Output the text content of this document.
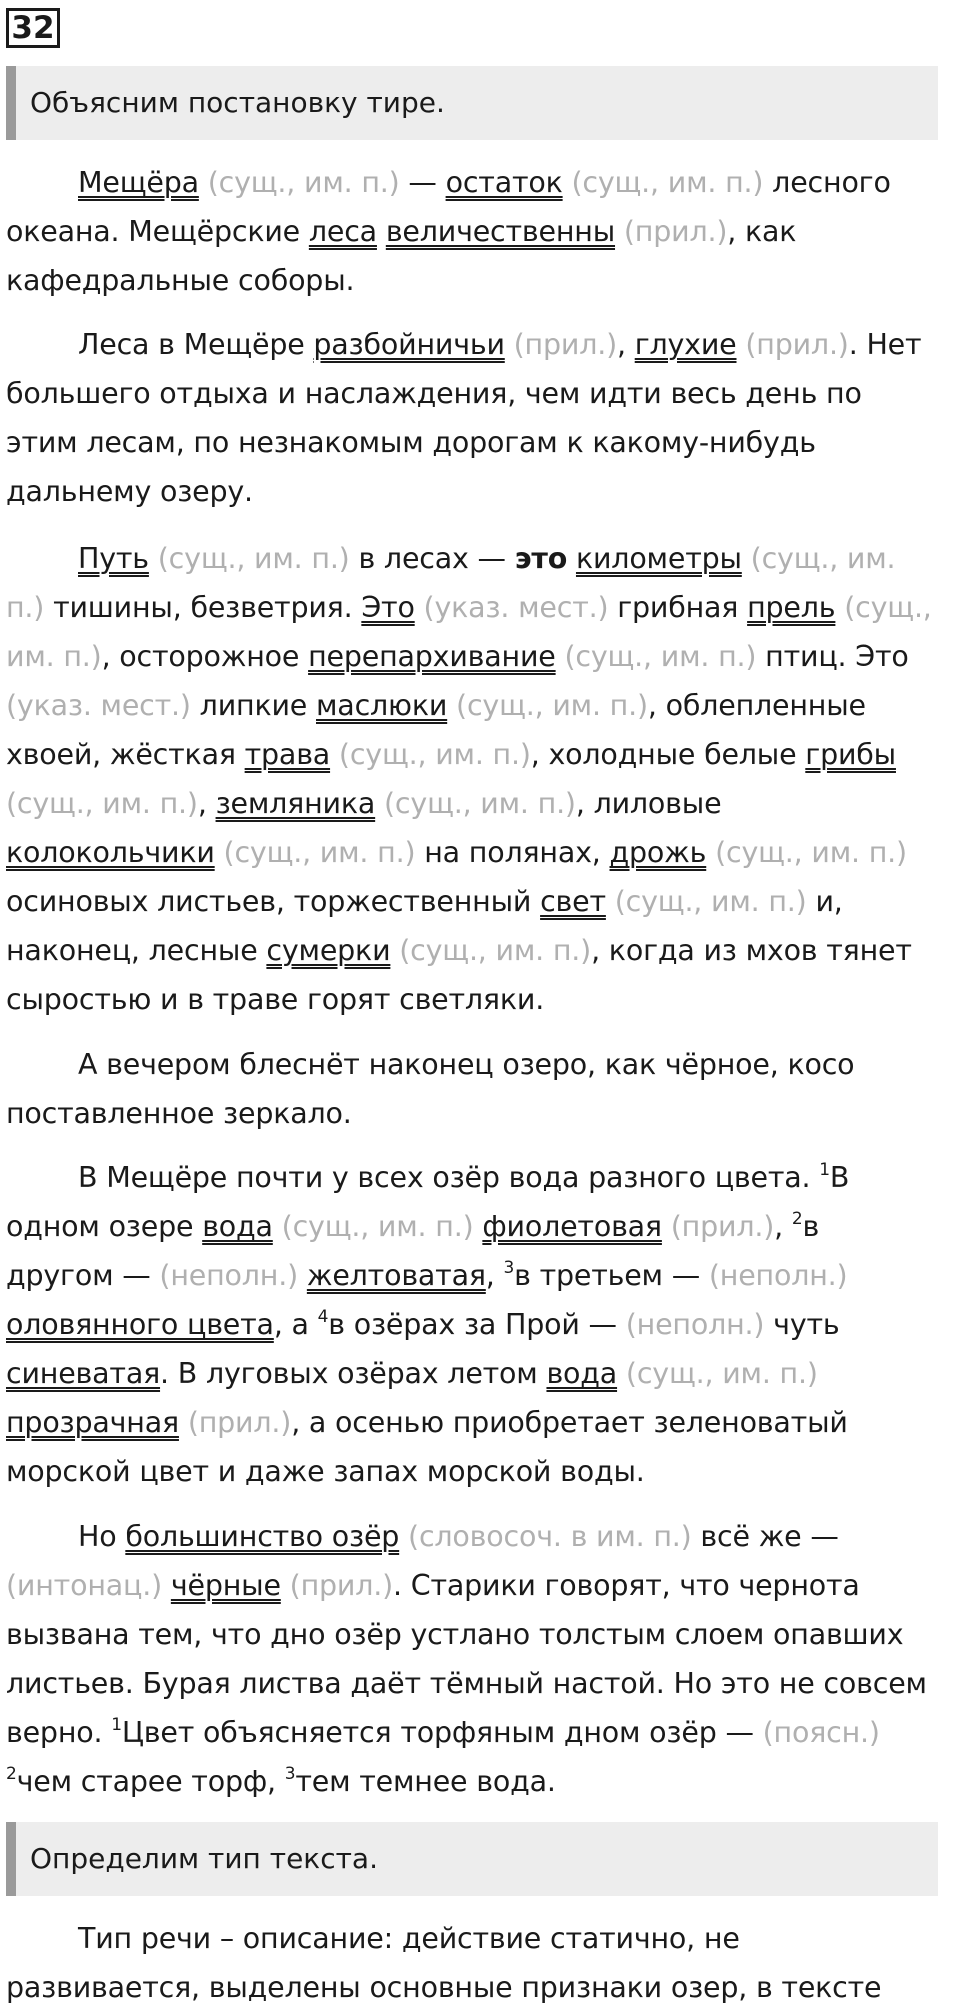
32
Объясним постановку тире.
Мещёра (сущ., им. п.) — остаток (сущ., им. п.) лесного
океана. Мещёрские леса величественны (прил.), как
кафедральные соборы.
Леса в Мещёре разбойничьи (прил.), глухие (прил.). Нет
большего отдыха и наслаждения, чем идти весь день по
этим лесам, по незнакомым дорогам к какому-нибудь
дальнему озеру.
Путь (сущ., им. п.) в лесах — это километры (сущ., им.
п.) тишины, безветрия. Это (указ. мест.) грибная прель (сущ.,
им. п.), осторожное перепархивание (сущ., им. п.) птиц. Это
(указ. мест.) липкие маслюки (сущ., им. п.), облепленные
хвоей, жёсткая трава (сущ., им. п.), холодные белые грибы
(сущ., им. п.), земляника (сущ., им. п.), лиловые
колокольчики (сущ., им. п.) на полянах, дрожь (сущ., им. п.)
осиновых листьев, торжественный свет (сущ., им. п.) и,
наконец, лесные сумерки (сущ., им. п.), когда из мхов тянет
сыростью и в траве горят светляки.
А вечером блеснёт наконец озеро, как чёрное, косо
поставленное зеркало.
В Мещёре почти у всех озёр вода разного цвета. $^1$В
одном озере вода (сущ., им. п.) фиолетовая (прил.), $^2$в
другом — (неполн.) желтоватая, $^3$в третьем — (неполн.)
оловянного цвета, а $^4$в озёрах за Прой — (неполн.) чуть
синеватая. В луговых озёрах летом вода (сущ., им. п.)
прозрачная (прил.), а осенью приобретает зеленоватый
морской цвет и даже запах морской воды.
Но большинство озёр (словосоч. в им. п.) всё же —
(интонац.) чёрные (прил.). Старики говорят, что чернота
вызвана тем, что дно озёр устлано толстым слоем опавших
листьев. Бурая листва даёт тёмный настой. Но это не совсем
верно. $^1$Цвет объясняется торфяным дном озёр — (поясн.)
$^2$чем старее торф, $^3$тем темнее вода.
Определим тип текста.
Тип речи – описание: действие статично, не
развивается, выделены основные признаки озер, в тексте
